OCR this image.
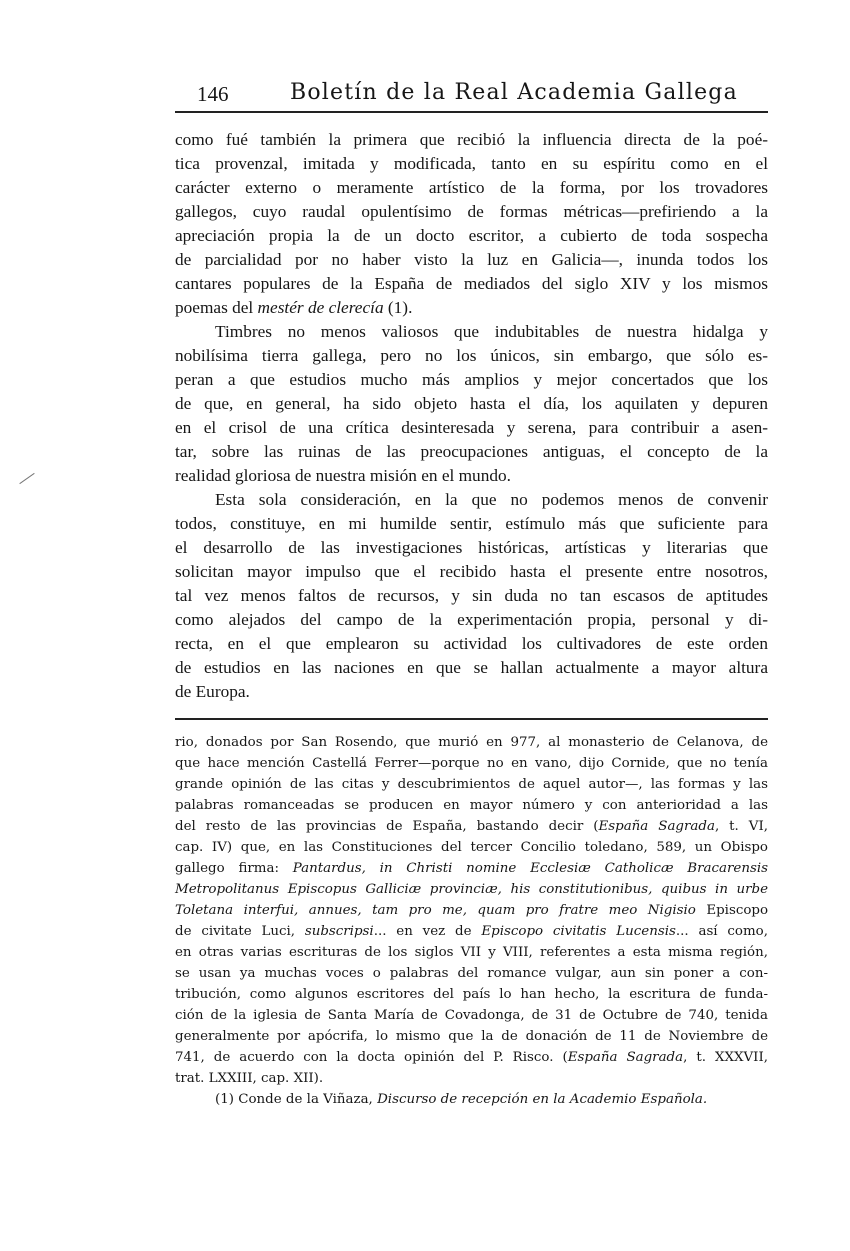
146	Boletín de la Real Academia Gallega
como fué también la primera que recibió la influencia directa de la poé-
tica provenzal, imitada y modificada, tanto en su espíritu como en el
carácter externo o meramente artístico de la forma, por los trovadores
gallegos, cuyo raudal opulentísimo de formas métricas—prefiriendo a la
apreciación propia la de un docto escritor, a cubierto de toda sospecha
de parcialidad por no haber visto la luz en Galicia—, inunda todos los
cantares populares de la España de mediados del siglo XIV y los mismos
poemas del mestér de clerecía (1).
Timbres no menos valiosos que indubitables de nuestra hidalga y
nobilísima tierra gallega, pero no los únicos, sin embargo, que sólo es-
peran a que estudios mucho más amplios y mejor concertados que los
de que, en general, ha sido objeto hasta el día, los aquilaten y depuren
en el crisol de una crítica desinteresada y serena, para contribuir a asen-
tar, sobre las ruinas de las preocupaciones antiguas, el concepto de la
realidad gloriosa de nuestra misión en el mundo.
Esta sola consideración, en la que no podemos menos de convenir
todos, constituye, en mi humilde sentir, estímulo más que suficiente para
el desarrollo de las investigaciones históricas, artísticas y literarias que
solicitan mayor impulso que el recibido hasta el presente entre nosotros,
tal vez menos faltos de recursos, y sin duda no tan escasos de aptitudes
como alejados del campo de la experimentación propia, personal y di-
recta, en el que emplearon su actividad los cultivadores de este orden
de estudios en las naciones en que se hallan actualmente a mayor altura
de Europa.
rio, donados por San Rosendo, que murió en 977, al monasterio de Celanova, de
que hace mención Castellá Ferrer—porque no en vano, dijo Cornide, que no tenía
grande opinión de las citas y descubrimientos de aquel autor—, las formas y las
palabras romanceadas se producen en mayor número y con anterioridad a las
del resto de las provincias de España, bastando decir (España Sagrada, t. VI,
cap. IV) que, en las Constituciones del tercer Concilio toledano, 589, un Obispo
gallego firma: Pantardus, in Christi nomine Ecclesiæ Catholicæ Bracarensis
Metropolitanus Episcopus Galliciæ provinciæ, his constitutionibus, quibus in urbe
Toletana interfui, annues, tam pro me, quam pro fratre meo Nigisio Episcopo
de civitate Luci, subscripsi... en vez de Episcopo civitatis Lucensis... así como,
en otras varias escrituras de los siglos VII y VIII, referentes a esta misma región,
se usan ya muchas voces o palabras del romance vulgar, aun sin poner a con-
tribución, como algunos escritores del país lo han hecho, la escritura de funda-
ción de la iglesia de Santa María de Covadonga, de 31 de Octubre de 740, tenida
generalmente por apócrifa, lo mismo que la de donación de 11 de Noviembre de
741, de acuerdo con la docta opinión del P. Risco. (España Sagrada, t. XXXVII,
trat. LXXIII, cap. XII).
(1) Conde de la Viñaza, Discurso de recepción en la Academio Española.
